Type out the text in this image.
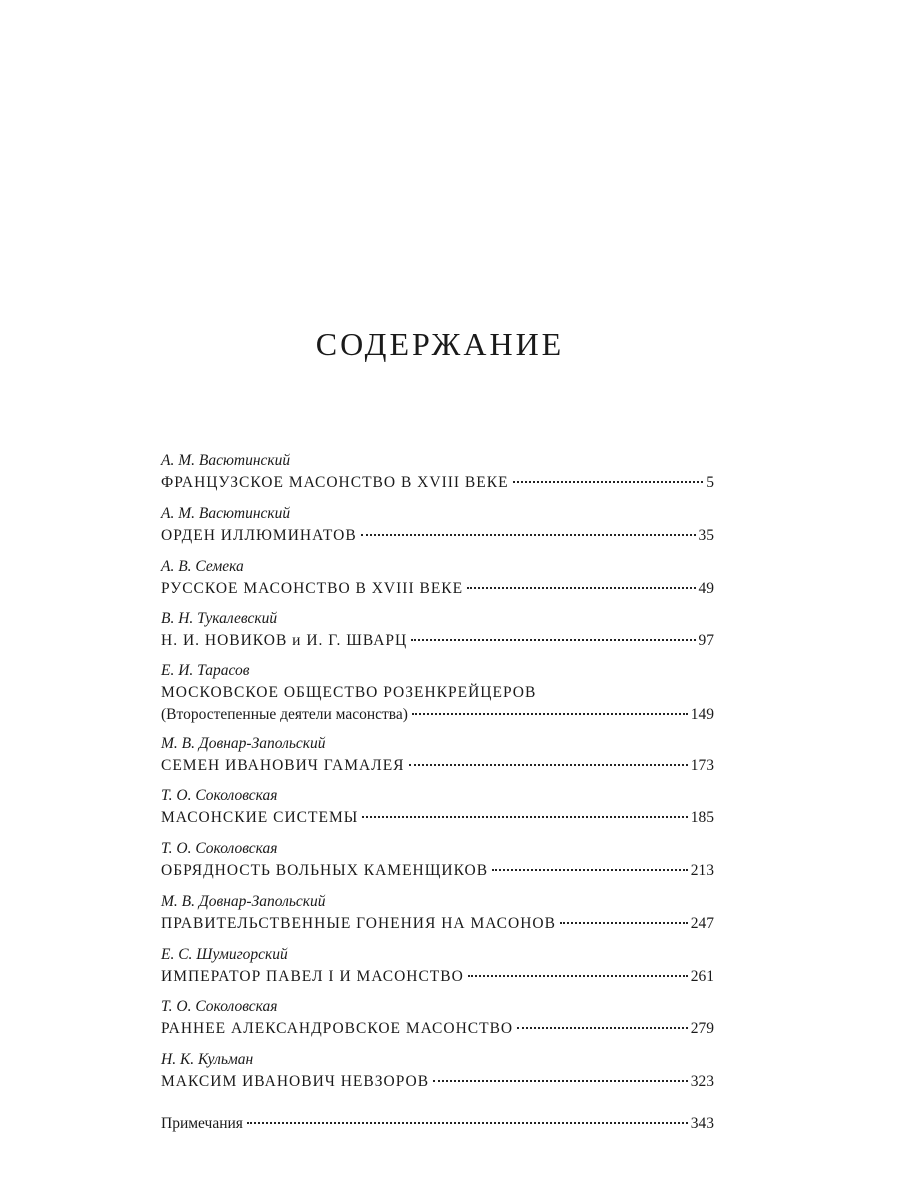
СОДЕРЖАНИЕ
А. М. Васютинский
ФРАНЦУЗСКОЕ МАСОНСТВО В XVIII ВЕКЕ	5
А. М. Васютинский
ОРДЕН ИЛЛЮМИНАТОВ	35
А. В. Семека
РУССКОЕ МАСОНСТВО В XVIII ВЕКЕ	49
В. Н. Тукалевский
Н. И. НОВИКОВ и И. Г. ШВАРЦ	97
Е. И. Тарасов
МОСКОВСКОЕ ОБЩЕСТВО РОЗЕНКРЕЙЦЕРОВ
(Второстепенные деятели масонства)	149
М. В. Довнар-Запольский
СЕМЕН ИВАНОВИЧ ГАМАЛЕЯ	173
Т. О. Соколовская
МАСОНСКИЕ СИСТЕМЫ	185
Т. О. Соколовская
ОБРЯДНОСТЬ ВОЛЬНЫХ КАМЕНЩИКОВ	213
М. В. Довнар-Запольский
ПРАВИТЕЛЬСТВЕННЫЕ ГОНЕНИЯ НА МАСОНОВ	247
Е. С. Шумигорский
ИМПЕРАТОР ПАВЕЛ I И МАСОНСТВО	261
Т. О. Соколовская
РАННЕЕ АЛЕКСАНДРОВСКОЕ МАСОНСТВО	279
Н. К. Кульман
МАКСИМ ИВАНОВИЧ НЕВЗОРОВ	323
Примечания	343
